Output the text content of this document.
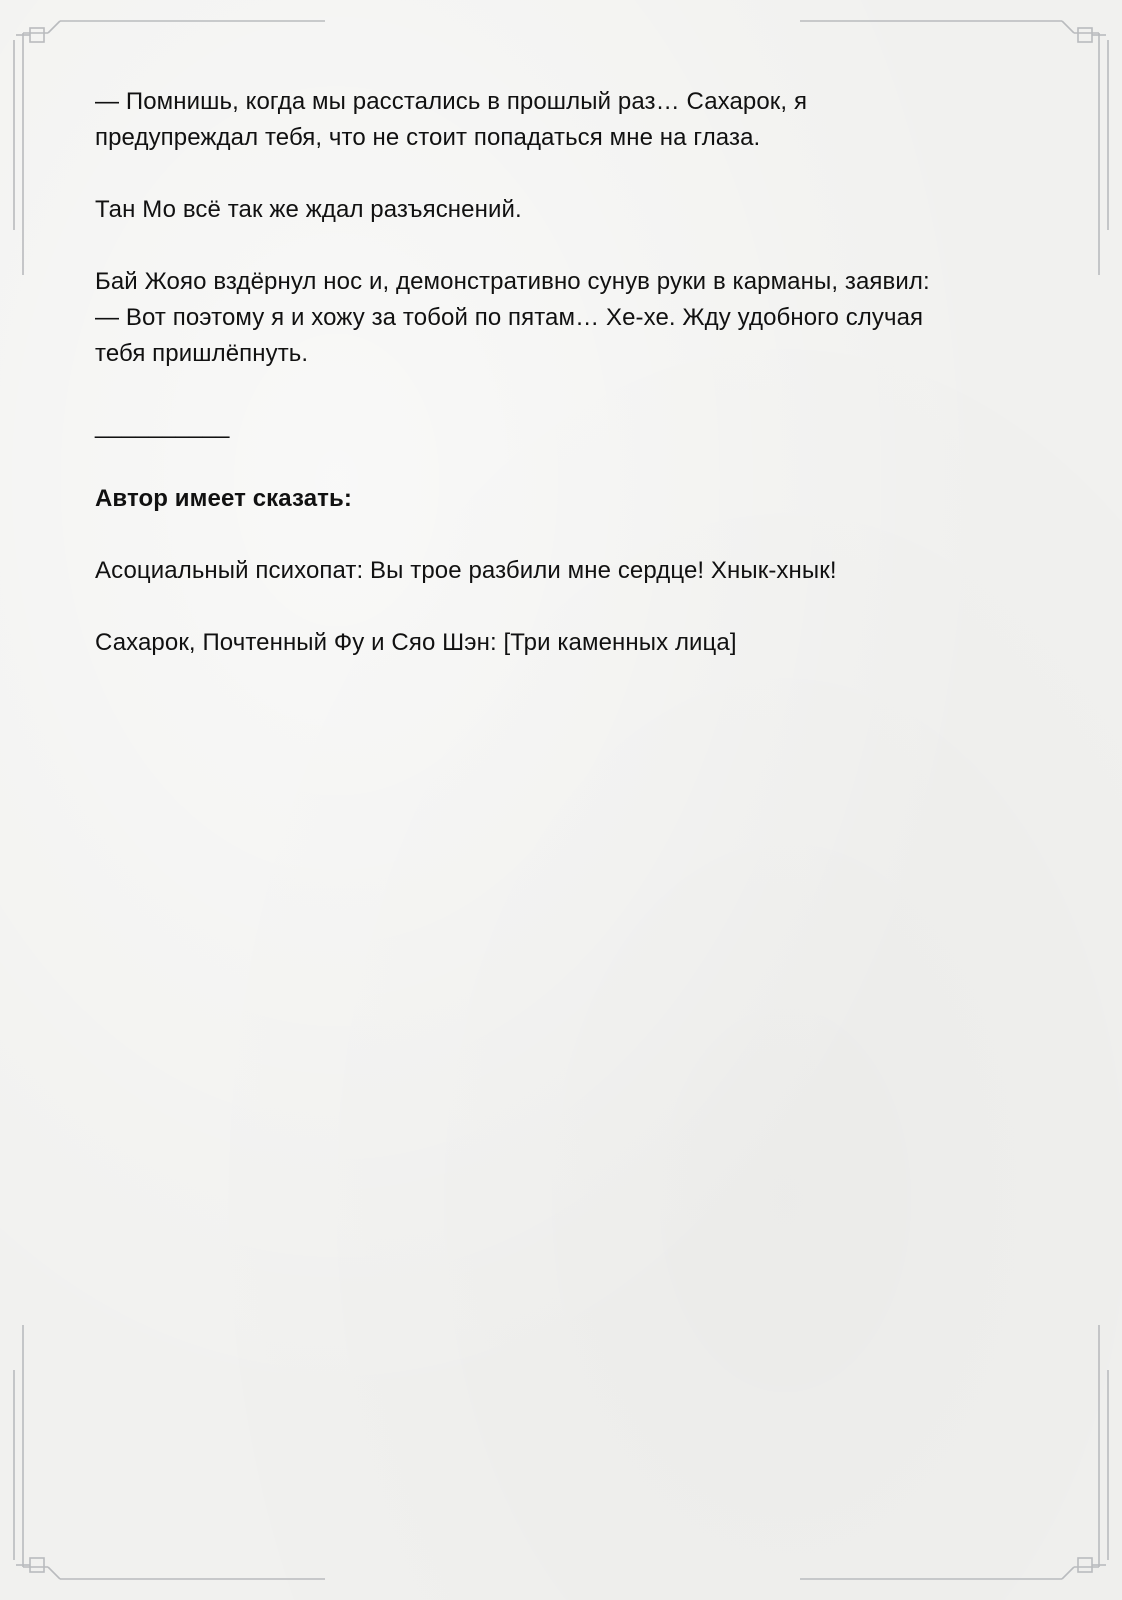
— Помнишь, когда мы расстались в прошлый раз… Сахарок, я
предупреждал тебя, что не стоит попадаться мне на глаза.

Тан Мо всё так же ждал разъяснений.

Бай Жояо вздёрнул нос и, демонстративно сунув руки в карманы, заявил:
— Вот поэтому я и хожу за тобой по пятам… Хе-хе. Жду удобного случая
тебя пришлёпнуть.

__________

Автор имеет сказать:

Асоциальный психопат: Вы трое разбили мне сердце! Хнык-хнык!

Сахарок, Почтенный Фу и Сяо Шэн: [Три каменных лица]
